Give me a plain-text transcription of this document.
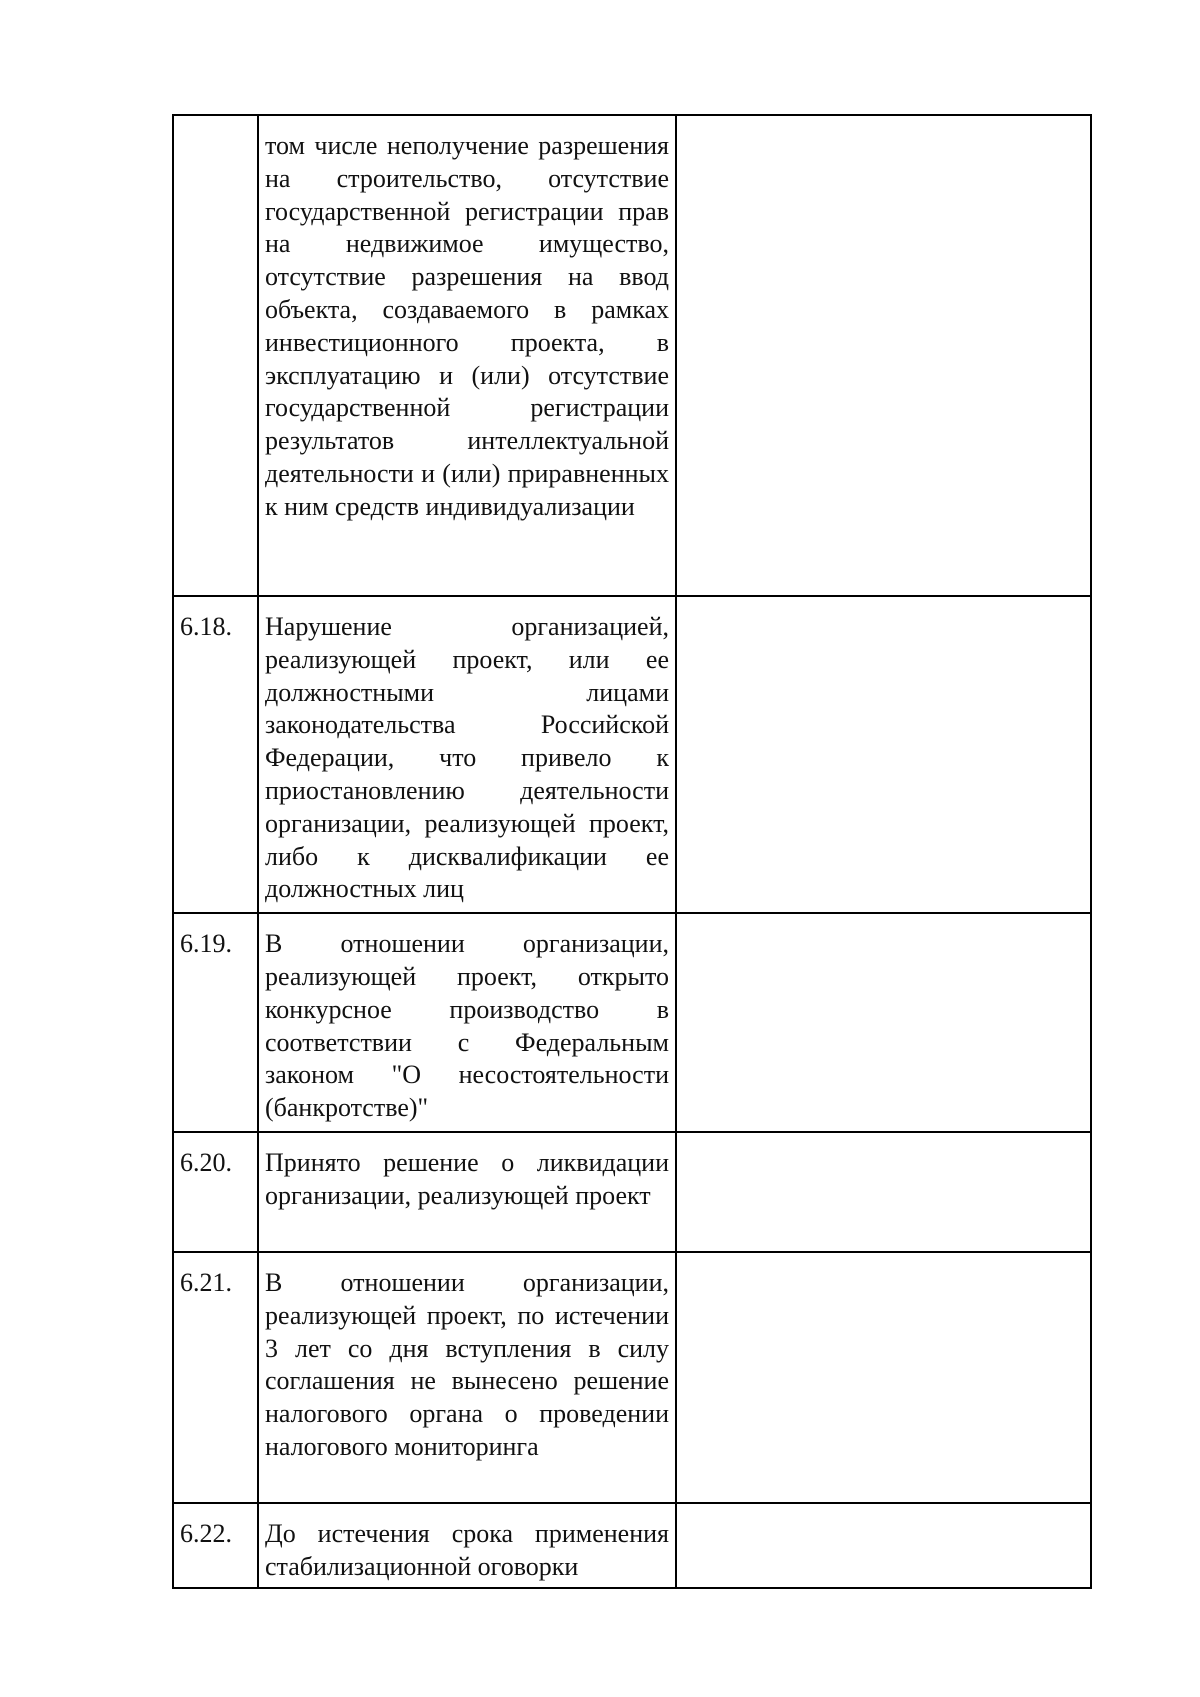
	том числе неполучение разрешения на строительство, отсутствие государственной регистрации прав на недвижимое имущество, отсутствие разрешения на ввод объекта, создаваемого в рамках инвестиционного проекта, в эксплуатацию и (или) отсутствие государственной регистрации результатов интеллектуальной деятельности и (или) приравненных к ним средств индивидуализации	
6.18.	Нарушение организацией, реализующей проект, или ее должностными лицами законодательства Российской Федерации, что привело к приостановлению деятельности организации, реализующей проект, либо к дисквалификации ее должностных лиц	
6.19.	В отношении организации, реализующей проект, открыто конкурсное производство в соответствии с Федеральным законом "О несостоятельности (банкротстве)"	
6.20.	Принято решение о ликвидации организации, реализующей проект	
6.21.	В отношении организации, реализующей проект, по истечении 3 лет со дня вступления в силу соглашения не вынесено решение налогового органа о проведении налогового мониторинга	
6.22.	До истечения срока применения стабилизационной оговорки	
